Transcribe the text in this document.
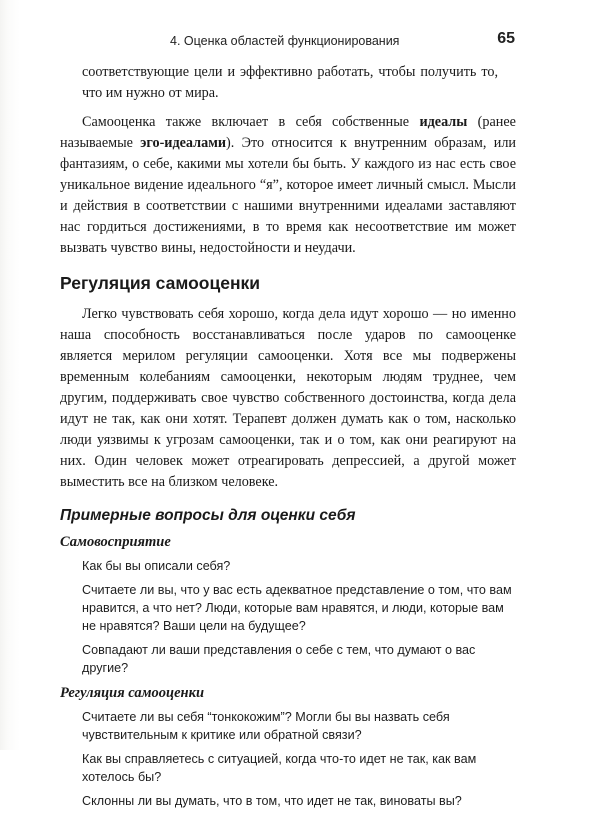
4. Оценка областей функционирования	65

соответствующие цели и эффективно работать, чтобы получить то, что им нужно от мира.

Самооценка также включает в себя собственные идеалы (ранее называемые эго-идеалами). Это относится к внутренним образам, или фантазиям, о себе, какими мы хотели бы быть. У каждого из нас есть свое уникальное видение идеального “я”, которое имеет личный смысл. Мысли и действия в соответствии с нашими внутренними идеалами заставляют нас гордиться достижениями, в то время как несоответствие им может вызвать чувство вины, недостойности и неудачи.

Регуляция самооценки

Легко чувствовать себя хорошо, когда дела идут хорошо — но именно наша способность восстанавливаться после ударов по самооценке является мерилом регуляции самооценки. Хотя все мы подвержены временным колебаниям самооценки, некоторым людям труднее, чем другим, поддерживать свое чувство собственного достоинства, когда дела идут не так, как они хотят. Терапевт должен думать как о том, насколько люди уязвимы к угрозам самооценки, так и о том, как они реагируют на них. Один человек может отреагировать депрессией, а другой может выместить все на близком человеке.

Примерные вопросы для оценки себя
Самовосприятие

Как бы вы описали себя?

Считаете ли вы, что у вас есть адекватное представление о том, что вам нравится, а что нет? Люди, которые вам нравятся, и люди, которые вам не нравятся? Ваши цели на будущее?

Совпадают ли ваши представления о себе с тем, что думают о вас другие?

Регуляция самооценки

Считаете ли вы себя “тонкокожим”? Могли бы вы назвать себя чувствительным к критике или обратной связи?

Как вы справляетесь с ситуацией, когда что-то идет не так, как вам хотелось бы?

Склонны ли вы думать, что в том, что идет не так, виноваты вы?
